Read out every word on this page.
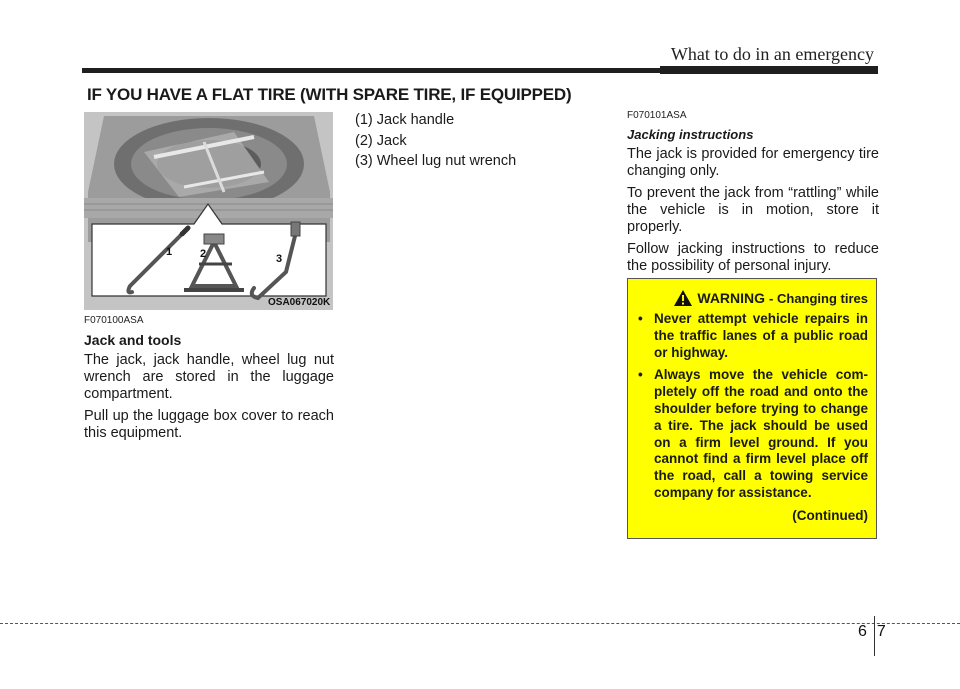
What to do in an emergency
IF YOU HAVE A FLAT TIRE (WITH SPARE TIRE, IF EQUIPPED)
1	2	3
OSA067020K
F070100ASA
Jack and tools

The jack, jack handle, wheel lug nut wrench are stored in the luggage compartment.

Pull up the luggage box cover to reach this equipment.

(1) Jack handle

(2) Jack

(3) Wheel lug nut wrench

F070101ASA
Jacking instructions

The jack is provided for emergency tire changing only.

To prevent the jack from “rattling” while the vehicle is in motion, store it properly.

Follow jacking instructions to reduce the possibility of personal injury.

WARNING - Changing tires

• Never attempt vehicle repairs in the traffic lanes of a public road or highway.

• Always move the vehicle com-pletely off the road and onto the shoulder before trying to change a tire. The jack should be used on a firm level ground. If you cannot find a firm level place off the road, call a towing service company for assistance.

(Continued)
67
